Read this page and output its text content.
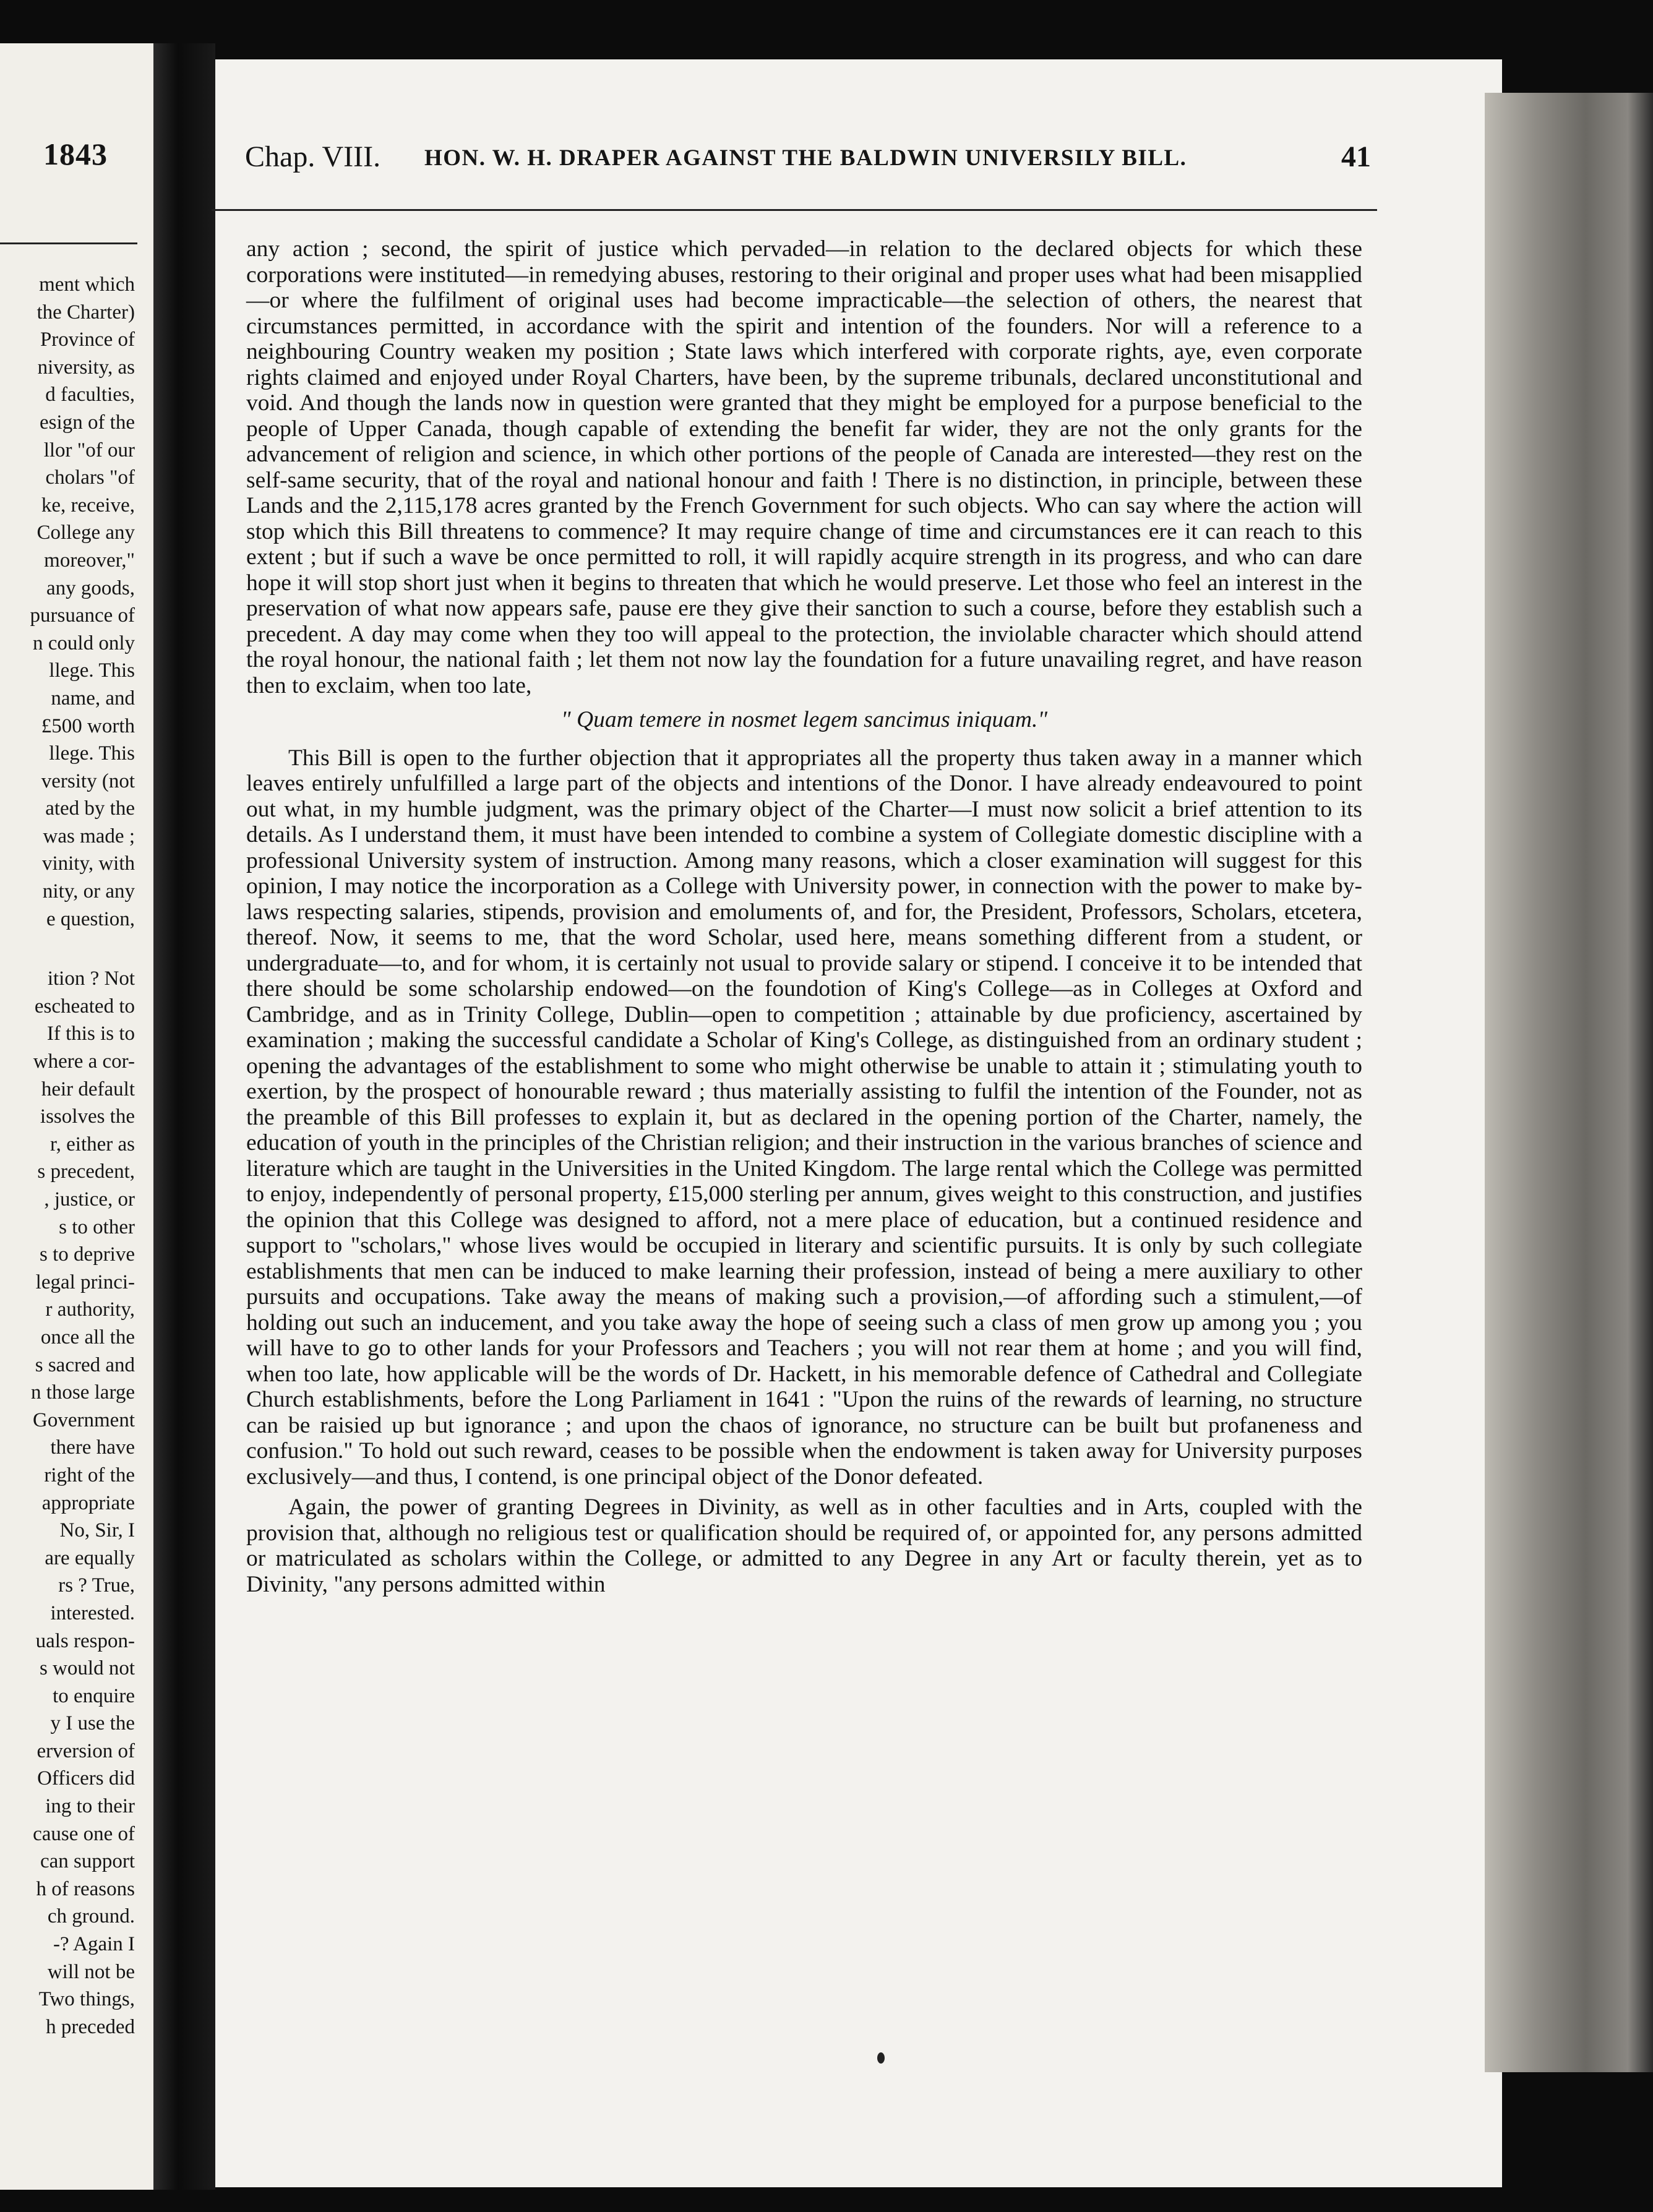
1843
ment which
the Charter)
Province of
niversity, as
d faculties,
esign of the
llor "of our
cholars "of
ke, receive,
College any
moreover,"
any goods,
pursuance of
n could only
llege. This
name, and
£500 worth
llege. This
versity (not
ated by the
was made ;
vinity, with
nity, or any
e question,
ition ? Not
escheated to
If this is to
where a cor-
heir default
issolves the
r, either as
s precedent,
, justice, or
s to other
s to deprive
legal princi-
r authority,
once all the
s sacred and
n those large
Government
there have
right of the
appropriate
No, Sir, I
are equally
rs ? True,
interested.
uals respon-
s would not
to enquire
y I use the
erversion of
Officers did
ing to their
cause one of
can support
h of reasons
ch ground.
-? Again I
will not be
Two things,
h preceded
Chap. VIII. HON. W. H. DRAPER AGAINST THE BALDWIN UNIVERSILY BILL.	41

any action ; second, the spirit of justice which pervaded—in relation to the declared objects for which these corporations were instituted—in remedying abuses, restoring to their original and proper uses what had been misapplied—or where the fulfilment of original uses had become impracticable—the selection of others, the nearest that circumstances permitted, in accordance with the spirit and intention of the founders. Nor will a reference to a neighbouring Country weaken my position ; State laws which interfered with corporate rights, aye, even corporate rights claimed and enjoyed under Royal Charters, have been, by the supreme tribunals, declared unconstitutional and void. And though the lands now in question were granted that they might be employed for a purpose beneficial to the people of Upper Canada, though capable of extending the benefit far wider, they are not the only grants for the advancement of religion and science, in which other portions of the people of Canada are interested—they rest on the self-same security, that of the royal and national honour and faith ! There is no distinction, in principle, between these Lands and the 2,115,178 acres granted by the French Government for such objects. Who can say where the action will stop which this Bill threatens to commence? It may require change of time and circumstances ere it can reach to this extent ; but if such a wave be once permitted to roll, it will rapidly acquire strength in its progress, and who can dare hope it will stop short just when it begins to threaten that which he would preserve. Let those who feel an interest in the preservation of what now appears safe, pause ere they give their sanction to such a course, before they establish such a precedent. A day may come when they too will appeal to the protection, the inviolable character which should attend the royal honour, the national faith ; let them not now lay the foundation for a future unavailing regret, and have reason then to exclaim, when too late,

" Quam temere in nosmet legem sancimus iniquam."

This Bill is open to the further objection that it appropriates all the property thus taken away in a manner which leaves entirely unfulfilled a large part of the objects and intentions of the Donor. I have already endeavoured to point out what, in my humble judgment, was the primary object of the Charter—I must now solicit a brief attention to its details. As I understand them, it must have been intended to combine a system of Collegiate domestic discipline with a professional University system of instruction. Among many reasons, which a closer examination will suggest for this opinion, I may notice the incorporation as a College with University power, in connection with the power to make by-laws respecting salaries, stipends, provision and emoluments of, and for, the President, Professors, Scholars, etcetera, thereof. Now, it seems to me, that the word Scholar, used here, means something different from a student, or undergraduate—to, and for whom, it is certainly not usual to provide salary or stipend. I conceive it to be intended that there should be some scholarship endowed—on the foundotion of King's College—as in Colleges at Oxford and Cambridge, and as in Trinity College, Dublin—open to competition ; attainable by due proficiency, ascertained by examination ; making the successful candidate a Scholar of King's College, as distinguished from an ordinary student ; opening the advantages of the establishment to some who might otherwise be unable to attain it ; stimulating youth to exertion, by the prospect of honourable reward ; thus materially assisting to fulfil the intention of the Founder, not as the preamble of this Bill professes to explain it, but as declared in the opening portion of the Charter, namely, the education of youth in the principles of the Christian religion; and their instruction in the various branches of science and literature which are taught in the Universities in the United Kingdom. The large rental which the College was permitted to enjoy, independently of personal property, £15,000 sterling per annum, gives weight to this construction, and justifies the opinion that this College was designed to afford, not a mere place of education, but a continued residence and support to "scholars," whose lives would be occupied in literary and scientific pursuits. It is only by such collegiate establishments that men can be induced to make learning their profession, instead of being a mere auxiliary to other pursuits and occupations. Take away the means of making such a provision,—of affording such a stimulent,—of holding out such an inducement, and you take away the hope of seeing such a class of men grow up among you ; you will have to go to other lands for your Professors and Teachers ; you will not rear them at home ; and you will find, when too late, how applicable will be the words of Dr. Hackett, in his memorable defence of Cathedral and Collegiate Church establishments, before the Long Parliament in 1641 : "Upon the ruins of the rewards of learning, no structure can be raisied up but ignorance ; and upon the chaos of ignorance, no structure can be built but profaneness and confusion." To hold out such reward, ceases to be possible when the endowment is taken away for University purposes exclusively—and thus, I contend, is one principal object of the Donor defeated.

Again, the power of granting Degrees in Divinity, as well as in other faculties and in Arts, coupled with the provision that, although no religious test or qualification should be required of, or appointed for, any persons admitted or matriculated as scholars within the College, or admitted to any Degree in any Art or faculty therein, yet as to Divinity, "any persons admitted within
